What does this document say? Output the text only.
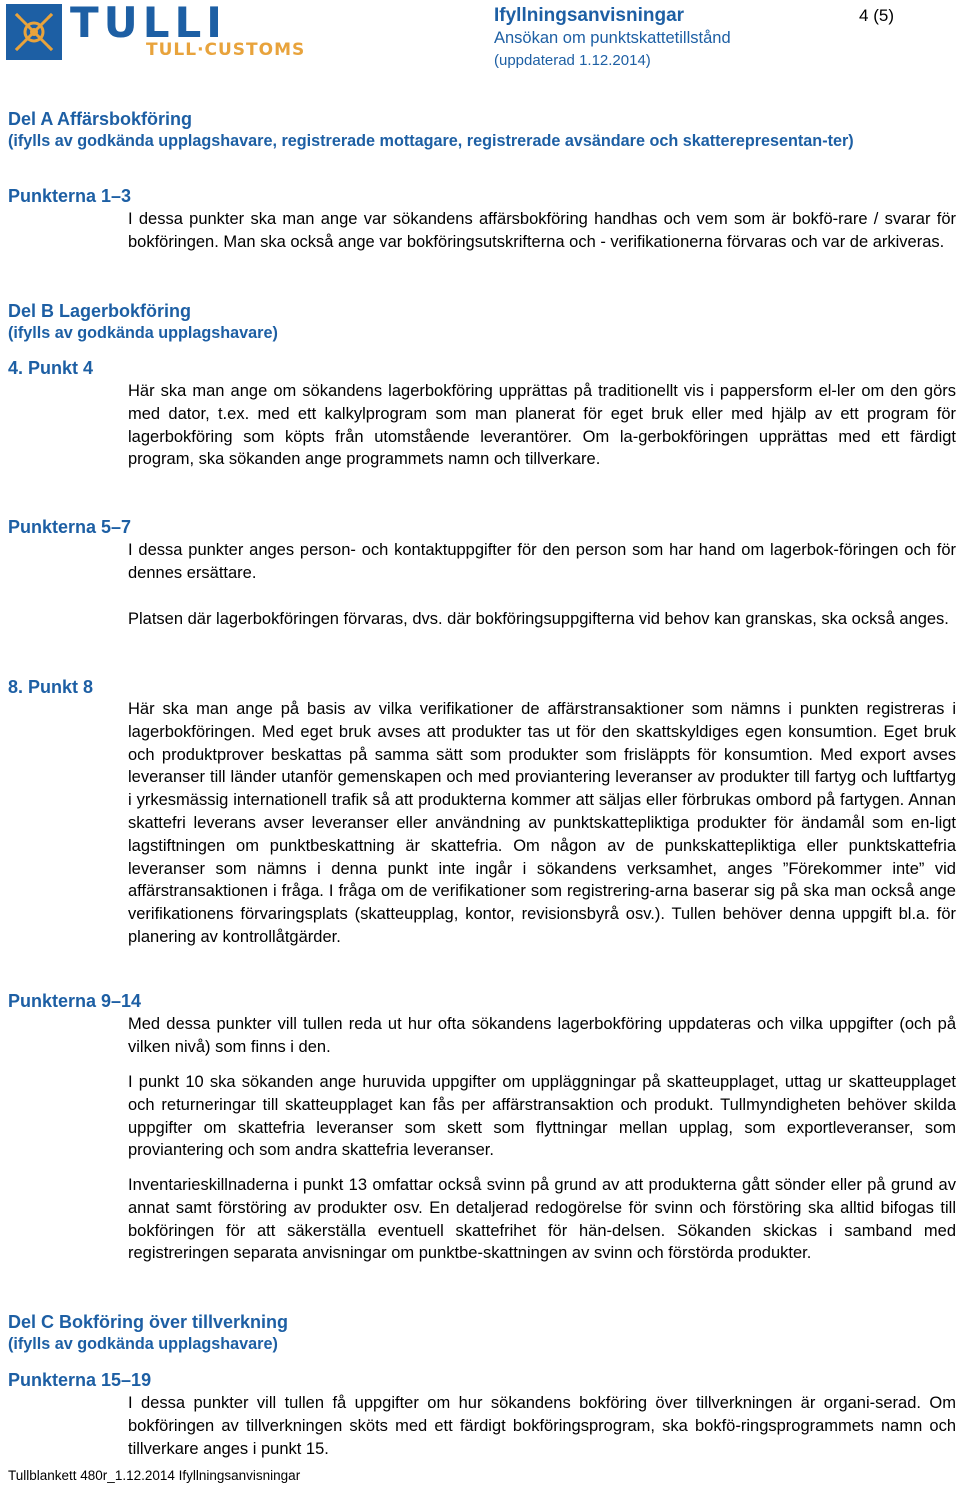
TULLI
TULL·CUSTOMS
Ifyllningsanvisningar	4 (5)
Ansökan om punktskattetillstånd
(uppdaterad 1.12.2014)
Del A Affärsbokföring
(ifylls av godkända upplagshavare, registrerade mottagare, registrerade avsändare och skatterepresentan-ter)
Punkterna 1–3
I dessa punkter ska man ange var sökandens affärsbokföring handhas och vem som är bokfö-rare / svarar för bokföringen. Man ska också ange var bokföringsutskrifterna och - verifikationerna förvaras och var de arkiveras.
Del B Lagerbokföring
(ifylls av godkända upplagshavare)
4. Punkt 4
Här ska man ange om sökandens lagerbokföring upprättas på traditionellt vis i pappersform el-ler om den görs med dator, t.ex. med ett kalkylprogram som man planerat för eget bruk eller med hjälp av ett program för lagerbokföring som köpts från utomstående leverantörer. Om la-gerbokföringen upprättas med ett färdigt program, ska sökanden ange programmets namn och tillverkare.
Punkterna 5–7
I dessa punkter anges person- och kontaktuppgifter för den person som har hand om lagerbok-föringen och för dennes ersättare.
Platsen där lagerbokföringen förvaras, dvs. där bokföringsuppgifterna vid behov kan granskas, ska också anges.
8. Punkt 8
Här ska man ange på basis av vilka verifikationer de affärstransaktioner som nämns i punkten registreras i lagerbokföringen. Med eget bruk avses att produkter tas ut för den skattskyldiges egen konsumtion. Eget bruk och produktprover beskattas på samma sätt som produkter som frisläppts för konsumtion. Med export avses leveranser till länder utanför gemenskapen och med proviantering leveranser av produkter till fartyg och luftfartyg i yrkesmässig internationell trafik så att produkterna kommer att säljas eller förbrukas ombord på fartygen. Annan skattefri leverans avser leveranser eller användning av punktskattepliktiga produkter för ändamål som en-ligt lagstiftningen om punktbeskattning är skattefria. Om någon av de punkskattepliktiga eller punktskattefria leveranser som nämns i denna punkt inte ingår i sökandens verksamhet, anges ”Förekommer inte” vid affärstransaktionen i fråga. I fråga om de verifikationer som registrering-arna baserar sig på ska man också ange verifikationens förvaringsplats (skatteupplag, kontor, revisionsbyrå osv.). Tullen behöver denna uppgift bl.a. för planering av kontrollåtgärder.
Punkterna 9–14
Med dessa punkter vill tullen reda ut hur ofta sökandens lagerbokföring uppdateras och vilka uppgifter (och på vilken nivå) som finns i den.
I punkt 10 ska sökanden ange huruvida uppgifter om uppläggningar på skatteupplaget, uttag ur skatteupplaget och returneringar till skatteupplaget kan fås per affärstransaktion och produkt. Tullmyndigheten behöver skilda uppgifter om skattefria leveranser som skett som flyttningar mellan upplag, som exportleveranser, som proviantering och som andra skattefria leveranser.
Inventarieskillnaderna i punkt 13 omfattar också svinn på grund av att produkterna gått sönder eller på grund av annat samt förstöring av produkter osv. En detaljerad redogörelse för svinn och förstöring ska alltid bifogas till bokföringen för att säkerställa eventuell skattefrihet för hän-delsen. Sökanden skickas i samband med registreringen separata anvisningar om punktbe-skattningen av svinn och förstörda produkter.
Del C Bokföring över tillverkning
(ifylls av godkända upplagshavare)
Punkterna 15–19
I dessa punkter vill tullen få uppgifter om hur sökandens bokföring över tillverkningen är organi-serad. Om bokföringen av tillverkningen sköts med ett färdigt bokföringsprogram, ska bokfö-ringsprogrammets namn och tillverkare anges i punkt 15.
Tullblankett 480r_1.12.2014 Ifyllningsanvisningar
